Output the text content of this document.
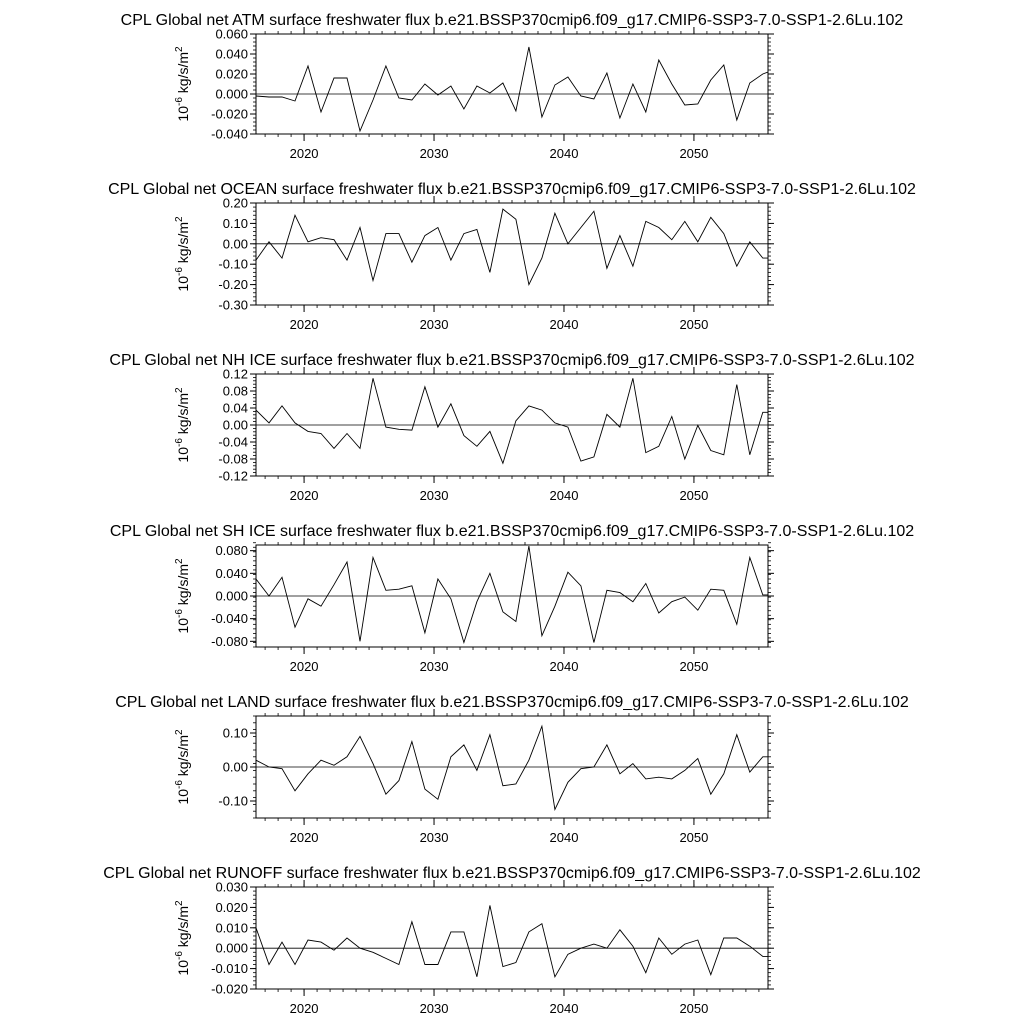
CPL Global net ATM surface freshwater flux b.e21.BSSP370cmip6.f09_g17.CMIP6-SSP3-7.0-SSP1-2.6Lu.102
-0.040
-0.020
0.000
0.020
0.040
0.060
2020	2030	2040	2050
$10^{-6}$ $kg/s/m^2$
CPL Global net OCEAN surface freshwater flux b.e21.BSSP370cmip6.f09_g17.CMIP6-SSP3-7.0-SSP1-2.6Lu.102
-0.30
-0.20
-0.10
0.00
0.10
0.20
2020	2030	2040	2050
$10^{-6}$ $kg/s/m^2$
CPL Global net NH ICE surface freshwater flux b.e21.BSSP370cmip6.f09_g17.CMIP6-SSP3-7.0-SSP1-2.6Lu.102
-0.12
-0.08
-0.04
0.00
0.04
0.08
0.12
2020	2030	2040	2050
$10^{-6}$ $kg/s/m^2$
CPL Global net SH ICE surface freshwater flux b.e21.BSSP370cmip6.f09_g17.CMIP6-SSP3-7.0-SSP1-2.6Lu.102
-0.080
-0.040
0.000
0.040
0.080
2020	2030	2040	2050
$10^{-6}$ $kg/s/m^2$
CPL Global net LAND surface freshwater flux b.e21.BSSP370cmip6.f09_g17.CMIP6-SSP3-7.0-SSP1-2.6Lu.102
-0.10
0.00
0.10
2020	2030	2040	2050
$10^{-6}$ $kg/s/m^2$
CPL Global net RUNOFF surface freshwater flux b.e21.BSSP370cmip6.f09_g17.CMIP6-SSP3-7.0-SSP1-2.6Lu.102
-0.020
-0.010
0.000
0.010
0.020
0.030
2020	2030	2040	2050
$10^{-6}$ $kg/s/m^2$
